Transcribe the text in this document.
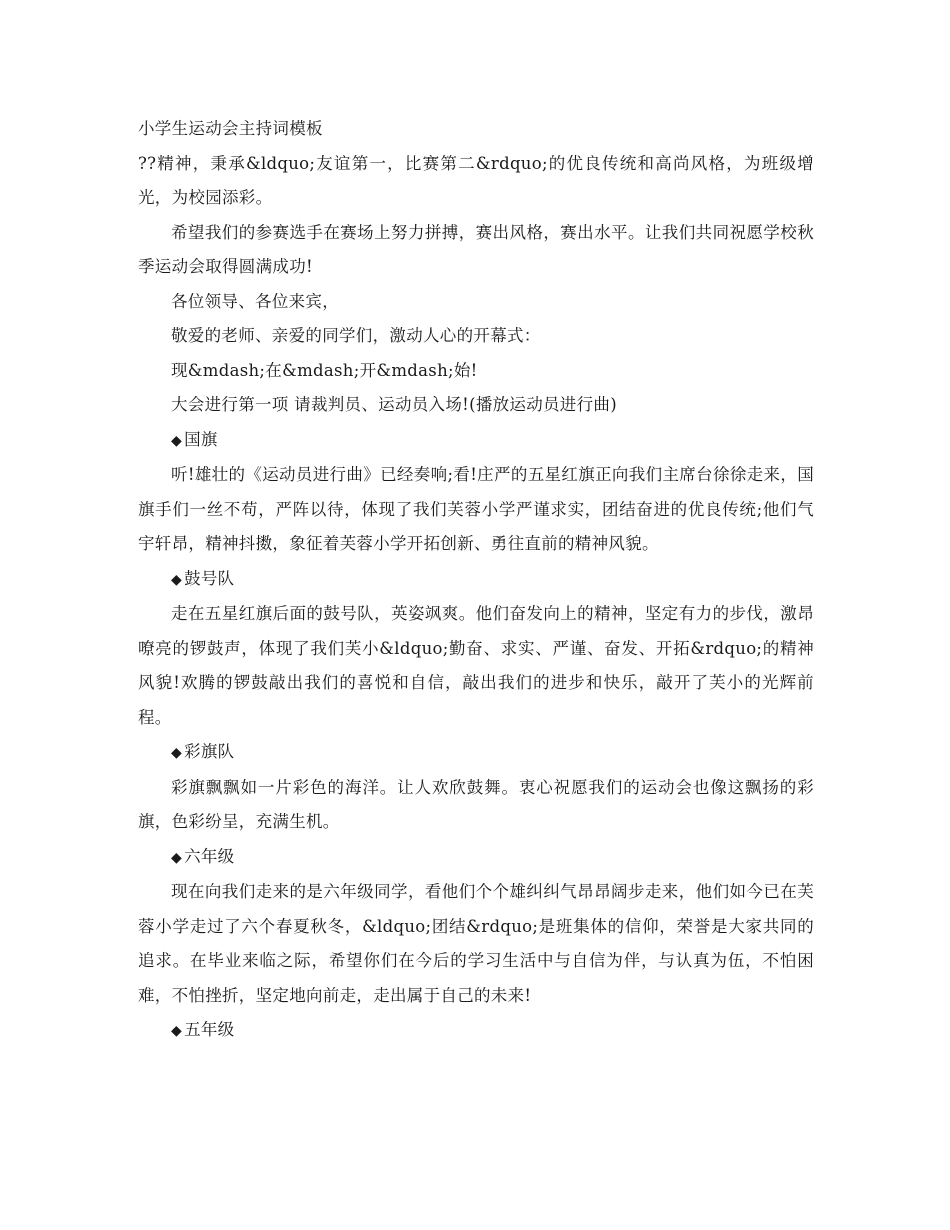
小学生运动会主持词模板
??精神，秉承&ldquo;友谊第一，比赛第二&rdquo;的优良传统和高尚风格，为班级增光，为校园添彩。
希望我们的参赛选手在赛场上努力拼搏，赛出风格，赛出水平。让我们共同祝愿学校秋季运动会取得圆满成功!
各位领导、各位来宾，
敬爱的老师、亲爱的同学们，激动人心的开幕式：
现&mdash;在&mdash;开&mdash;始!
大会进行第一项 请裁判员、运动员入场!(播放运动员进行曲)
◆ 国旗
听!雄壮的《运动员进行曲》已经奏响;看!庄严的五星红旗正向我们主席台徐徐走来，国旗手们一丝不苟，严阵以待，体现了我们芙蓉小学严谨求实，团结奋进的优良传统;他们气宇轩昂，精神抖擞，象征着芙蓉小学开拓创新、勇往直前的精神风貌。
◆ 鼓号队
走在五星红旗后面的鼓号队，英姿飒爽。他们奋发向上的精神，坚定有力的步伐，激昂嘹亮的锣鼓声，体现了我们芙小&ldquo;勤奋、求实、严谨、奋发、开拓&rdquo;的精神风貌!欢腾的锣鼓敲出我们的喜悦和自信，敲出我们的进步和快乐，敲开了芙小的光辉前程。
◆ 彩旗队
彩旗飘飘如一片彩色的海洋。让人欢欣鼓舞。衷心祝愿我们的运动会也像这飘扬的彩旗，色彩纷呈，充满生机。
◆ 六年级
现在向我们走来的是六年级同学，看他们个个雄纠纠气昂昂阔步走来，他们如今已在芙蓉小学走过了六个春夏秋冬，&ldquo;团结&rdquo;是班集体的信仰，荣誉是大家共同的追求。在毕业来临之际，希望你们在今后的学习生活中与自信为伴，与认真为伍，不怕困难，不怕挫折，坚定地向前走，走出属于自己的未来!
◆ 五年级
